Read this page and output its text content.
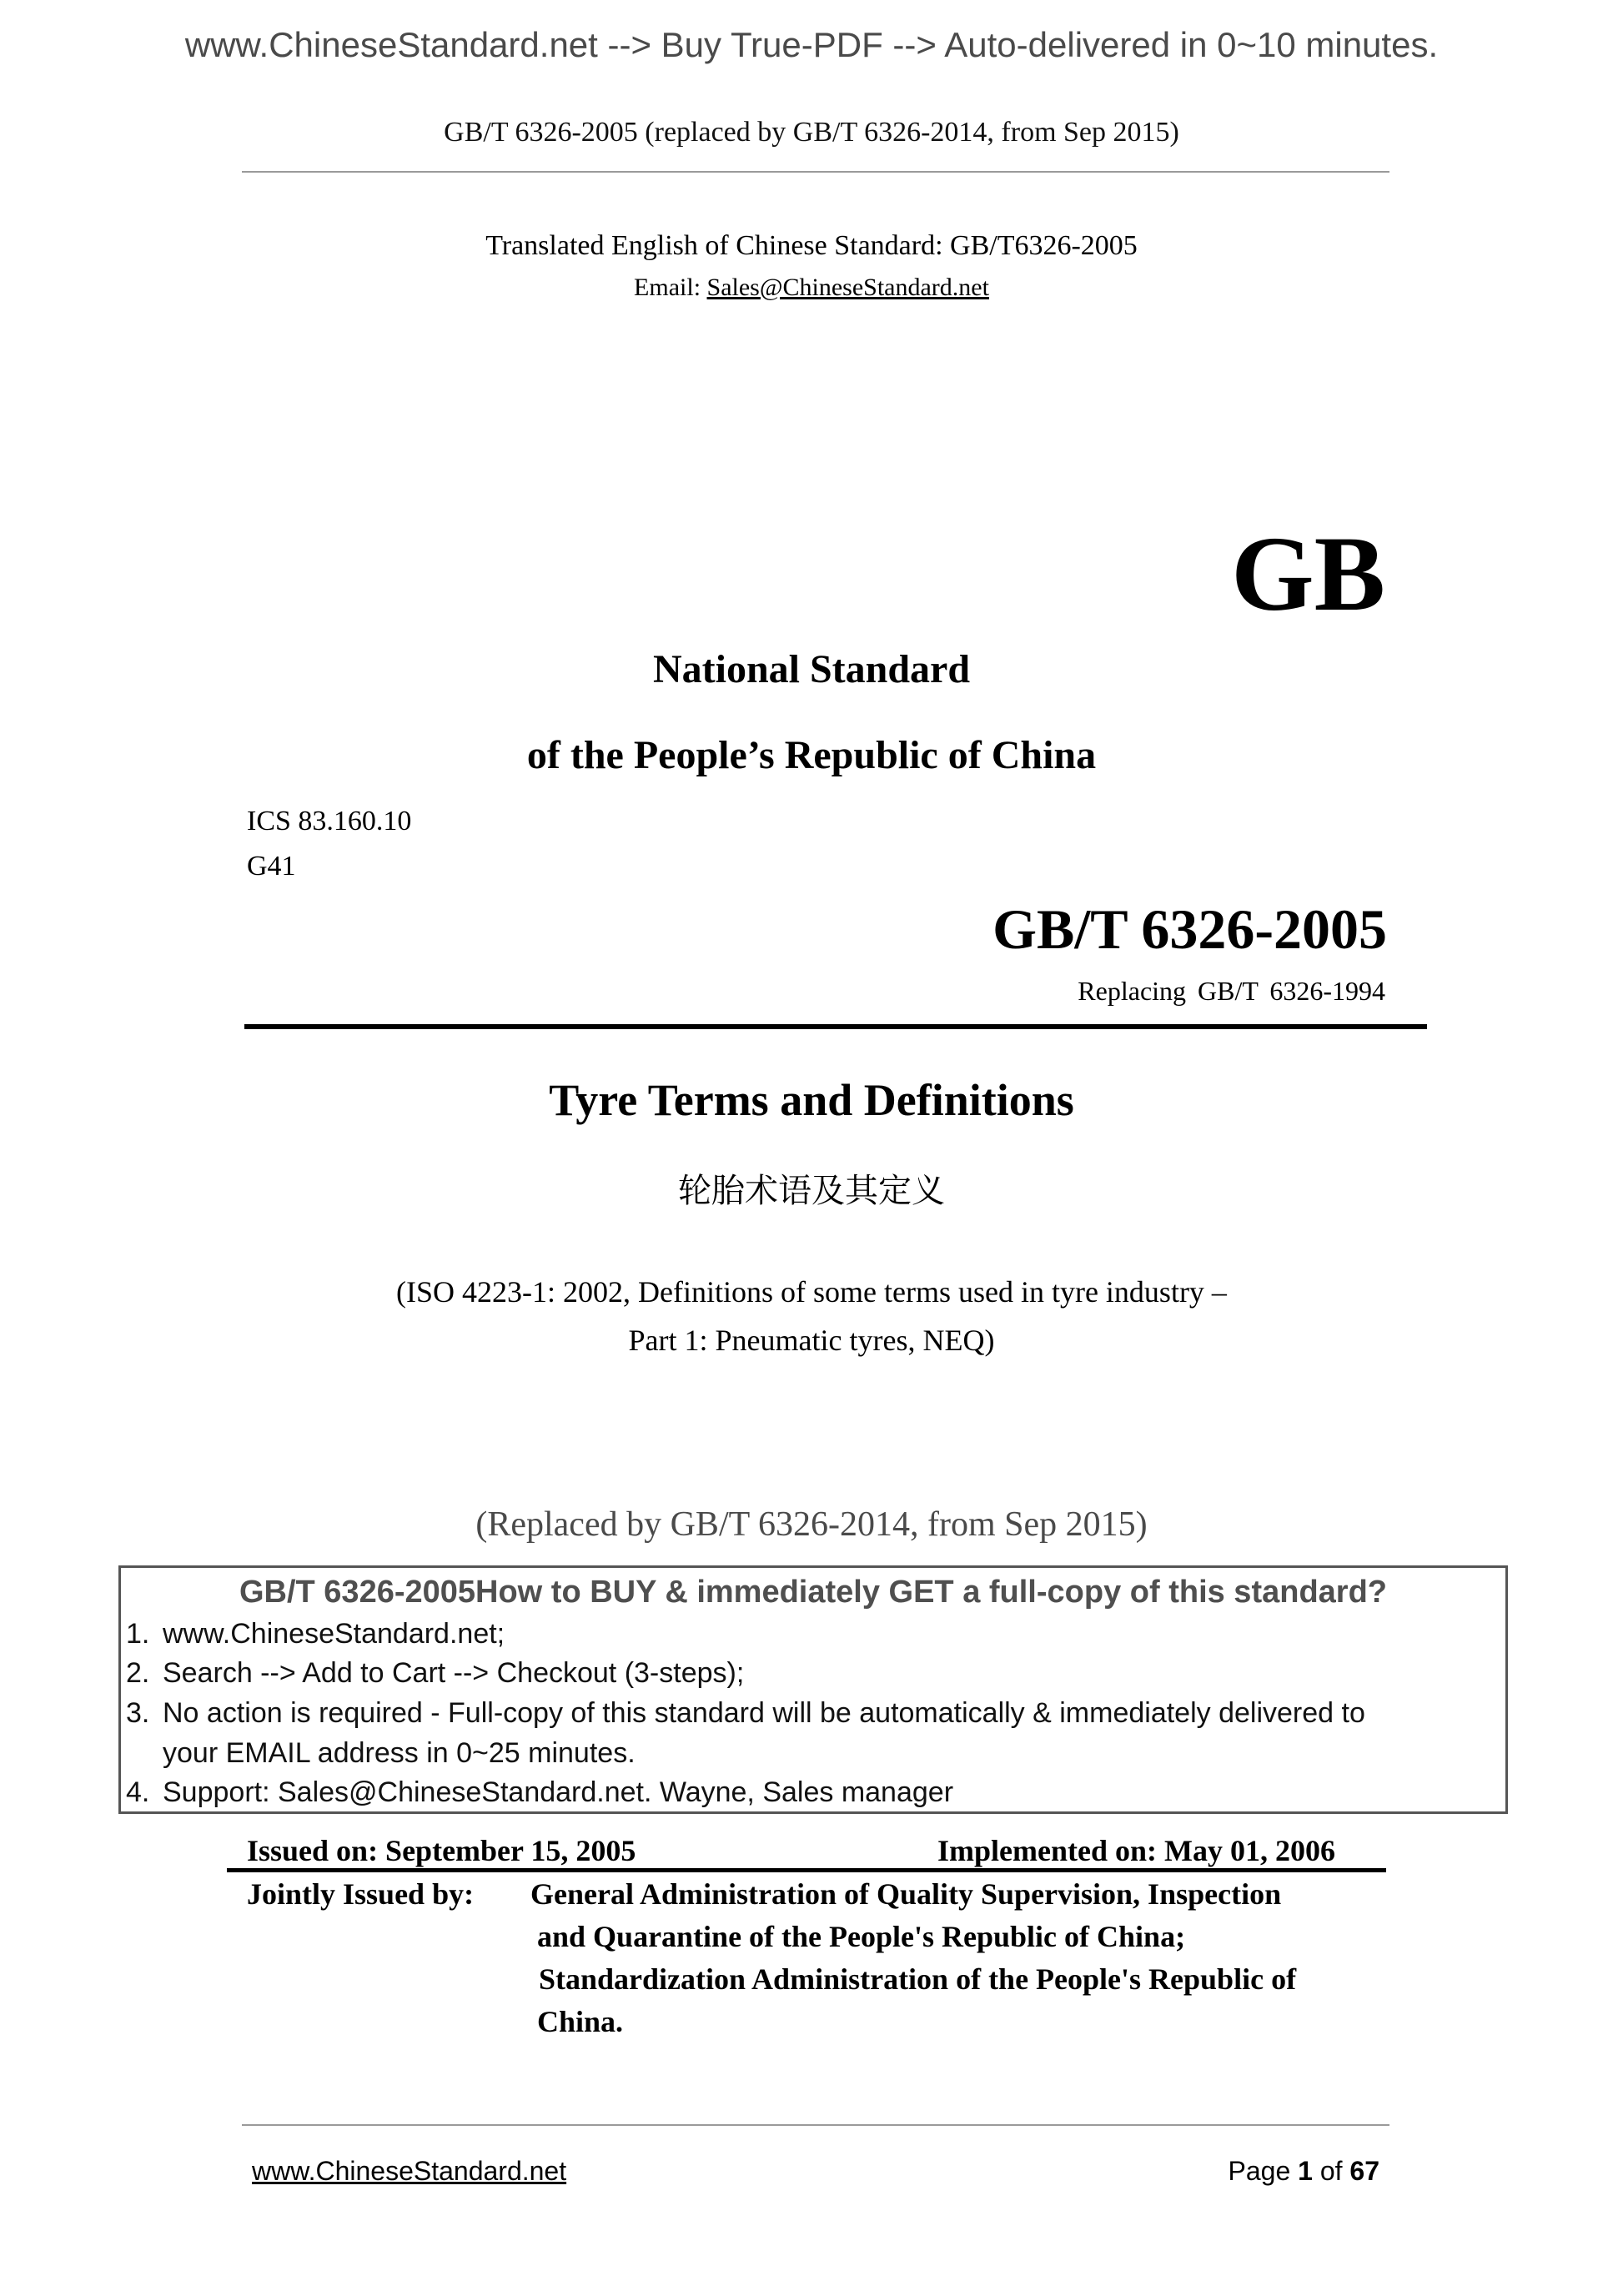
www.ChineseStandard.net --> Buy True-PDF --> Auto-delivered in 0~10 minutes.
GB/T 6326-2005 (replaced by GB/T 6326-2014, from Sep 2015)
Translated English of Chinese Standard: GB/T6326-2005
Email: Sales@ChineseStandard.net
GB
National Standard
of the People’s Republic of China
ICS 83.160.10
G41
GB/T 6326-2005
Replacing GB/T 6326-1994
Tyre Terms and Definitions
轮胎术语及其定义
(ISO 4223-1: 2002, Definitions of some terms used in tyre industry –
Part 1: Pneumatic tyres, NEQ)
(Replaced by GB/T 6326-2014, from Sep 2015)
GB/T 6326-2005How to BUY & immediately GET a full-copy of this standard?
1. www.ChineseStandard.net;
2. Search --> Add to Cart --> Checkout (3-steps);
3. No action is required - Full-copy of this standard will be automatically & immediately delivered to
your EMAIL address in 0~25 minutes.
4. Support: Sales@ChineseStandard.net. Wayne, Sales manager
Issued on: September 15, 2005	Implemented on: May 01, 2006
Jointly Issued by: General Administration of Quality Supervision, Inspection
and Quarantine of the People's Republic of China;
Standardization Administration of the People's Republic of
China.
www.ChineseStandard.net	Page 1 of 67
